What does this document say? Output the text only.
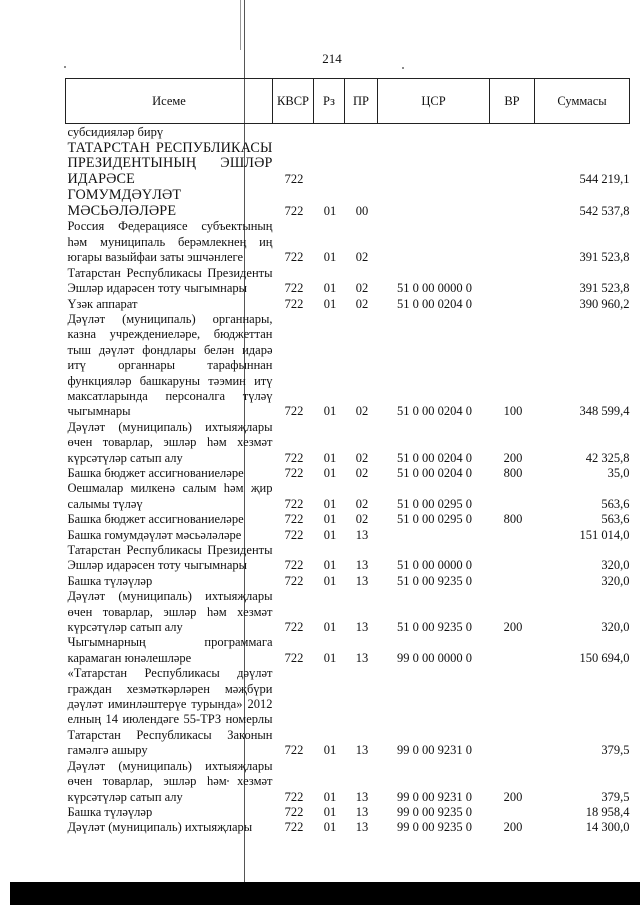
214
Исеме	КВСР	Рз	ПР	ЦСР	ВР	Суммасы
субсидияләр бирү						
ТАТАРСТАН РЕСПУБЛИКАСЫ ПРЕЗИДЕНТЫНЫҢ ЭШЛӘР ИДАРӘСЕ	722					544 219,1
ГОМУМДӘҮЛӘТ МӘСЬӘЛӘЛӘРЕ	722	01	00			542 537,8
Россия Федерациясе субъектының һәм муниципаль берәмлекнең иң югары вазыйфаи заты эшчәнлеге	722	01	02			391 523,8
Татарстан Республикасы Президенты Эшләр идарәсен тоту чыгымнары	722	01	02	51 0 00 0000 0		391 523,8
Үзәк аппарат	722	01	02	51 0 00 0204 0		390 960,2
Дәүләт (муниципаль) органнары, казна учреждениеләре, бюджеттан тыш дәүләт фондлары белән идарә итү органнары тарафыннан функцияләр башкаруны тәэмин итү максатларында персоналга түләү чыгымнары	722	01	02	51 0 00 0204 0	100	348 599,4
Дәүләт (муниципаль) ихтыяҗлары өчен товарлар, эшләр һәм хезмәт күрсәтүләр сатып алу	722	01	02	51 0 00 0204 0	200	42 325,8
Башка бюджет ассигнованиеләре	722	01	02	51 0 00 0204 0	800	35,0
Оешмалар милкенә салым һәм җир салымы түләү	722	01	02	51 0 00 0295 0		563,6
Башка бюджет ассигнованиеләре	722	01	02	51 0 00 0295 0	800	563,6
Башка гомумдәүләт мәсьәләләре	722	01	13			151 014,0
Татарстан Республикасы Президенты Эшләр идарәсен тоту чыгымнары	722	01	13	51 0 00 0000 0		320,0
Башка түләүләр	722	01	13	51 0 00 9235 0		320,0
Дәүләт (муниципаль) ихтыяҗлары өчен товарлар, эшләр һәм хезмәт күрсәтүләр сатып алу	722	01	13	51 0 00 9235 0	200	320,0
Чыгымнарның программага карамаган юнәлешләре	722	01	13	99 0 00 0000 0		150 694,0
«Татарстан Республикасы дәүләт граждан хезмәткәрләрен мәҗбүри дәүләт иминләштерүе турында» 2012 елның 14 июлендәге 55-ТРЗ номерлы Татарстан Республикасы Законын гамәлгә ашыру	722	01	13	99 0 00 9231 0		379,5
Дәүләт (муниципаль) ихтыяҗлары өчен товарлар, эшләр һәм хезмәт күрсәтүләр сатып алу	722	01	13	99 0 00 9231 0	200	379,5
Башка түләүләр	722	01	13	99 0 00 9235 0		18 958,4
Дәүләт (муниципаль) ихтыяҗлары	722	01	13	99 0 00 9235 0	200	14 300,0
